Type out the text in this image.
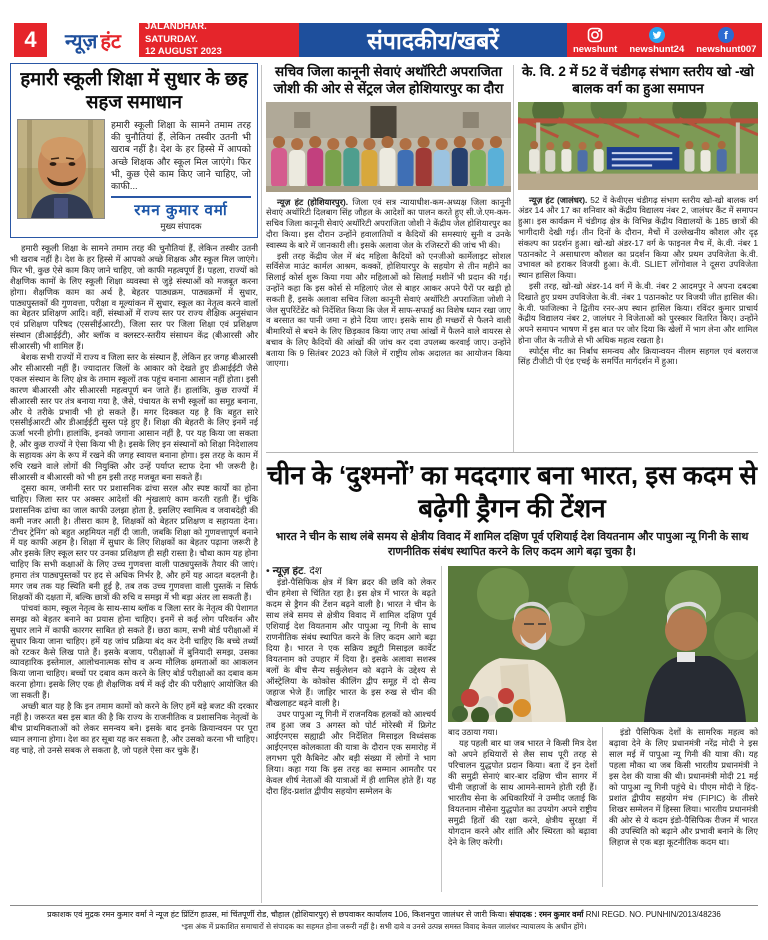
4	न्यूज़ हंट
JALANDHAR. SATURDAY.
12 AUGUST 2023	संपादकीय/खबरें	newshunt newshunt24
f
newshunt007
हमारी स्कूली शिक्षा में सुधार के छह सहज समाधान
हमारी स्कूली शिक्षा के सामने तमाम तरह की चुनौतियां हैं, लेकिन तस्वीर उतनी भी खराब नहीं है। देश के हर हिस्से में आपको अच्छे शिक्षक और स्कूल मिल जाएंगे। फिर भी, कुछ ऐसे काम किए जाने चाहिए, जो काफी...
रमन कुमार वर्मा
मुख्य संपादक

हमारी स्कूली शिक्षा के सामने तमाम तरह की चुनौतियां हैं, लेकिन तस्वीर उतनी भी खराब नहीं है। देश के हर हिस्से में आपको अच्छे शिक्षक और स्कूल मिल जाएंगे। फिर भी, कुछ ऐसे काम किए जाने चाहिए, जो काफी महत्वपूर्ण हैं। पहला, राज्यों को शैक्षणिक कामों के लिए स्कूली शिक्षा व्यवस्था से जुड़े संस्थाओं को मजबूत करना होगा। शैक्षणिक काम का अर्थ है, बेहतर पाठ्यक्रम, पाठ्यक्रमों में सुधार, पाठ्यपुस्तकों की गुणवत्ता, परीक्षा व मूल्यांकन में सुधार, स्कूल का नेतृत्व करने वालों का बेहतर प्रशिक्षण आदि। वहीं, संस्थाओं में राज्य स्तर पर राज्य शैक्षिक अनुसंधान एवं प्रशिक्षण परिषद (एससीईआरटी), जिला स्तर पर जिला शिक्षा एवं प्रशिक्षण संस्थान (डीआईईटी), और ब्लॉक व क्लस्टर-स्तरीय संसाधन केंद्र (बीआरसी और सीआरसी) भी शामिल हैं।

बेशक सभी राज्यों में राज्य व जिला स्तर के संस्थान हैं, लेकिन हर जगह बीआरसी और सीआरसी नहीं हैं। ज्यादातर जिलों के आकार को देखते हुए डीआईईटी जैसे एकल संस्थान के लिए क्षेत्र के तमाम स्कूलों तक पहुंच बनाना आसान नहीं होता। इसी कारण बीआरसी और सीआरसी महत्वपूर्ण बन जाते हैं। हालांकि, कुछ राज्यों में सीआरसी स्तर पर तंत्र बनाया गया है, जैसे, पंचायत के सभी स्कूलों का समूह बनाना, और ये तरीके प्रभावी भी हो सकते हैं। मगर दिक्कत यह है कि बहुत सारे एससीईआरटी और डीआईईटी सुस्त पड़े हुए हैं। शिक्षा की बेहतरी के लिए इनमें नई ऊर्जा भरनी होगी। हालांकि, इनको जगाना आसान नहीं है, पर यह किया जा सकता है, और कुछ राज्यों ने ऐसा किया भी है। इसके लिए इन संस्थानों को शिक्षा निदेशालय के सहायक अंग के रूप में रखने की जगह स्वायत्त बनाना होगा। इस तरह के काम में रुचि रखने वाले लोगों की नियुक्ति और उन्हें पर्याप्त स्टाफ देना भी जरूरी है। सीआरसी व बीआरसी को भी हम इसी तरह मजबूत बना सकते हैं।

दूसरा काम, जमीनी स्तर पर प्रशासनिक ढांचा सरल और स्पष्ट कार्यों का होना चाहिए। जिला स्तर पर अक्सर आदेशों की शृंखलाएं काम करती रहती हैं। चूंकि प्रशासनिक ढांचा का जाल काफी उलझा होता है, इसलिए स्वामित्व व जवाबदेही की कमी नजर आती है। तीसरा काम है, शिक्षकों को बेहतर प्रशिक्षण व सहायता देना। ‘टीचर ट्रेनिंग’ को बहुत अहमियत नहीं दी जाती, जबकि शिक्षा को गुणवत्तापूर्ण बनाने में यह काफी अहम है। शिक्षा में सुधार के लिए शिक्षकों का बेहतर पढ़ाना जरूरी है और इसके लिए स्कूल स्तर पर उनका प्रशिक्षण ही सही रास्ता है। चौथा काम यह होना चाहिए कि सभी कक्षाओं के लिए उच्च गुणवत्ता वाली पाठ्यपुस्तकें तैयार की जाएं। हमारा तंत्र पाठ्यपुस्तकों पर हद से अधिक निर्भर है, और हमें यह आदत बदलनी है। मगर जब तक यह स्थिति बनी हुई है, तब तक उच्च गुणवत्ता वाली पुस्तकें न सिर्फ शिक्षकों की दक्षता में, बल्कि छात्रों की रुचि व समझ में भी बड़ा अंतर ला सकती हैं।

पांचवां काम, स्कूल नेतृत्व के साथ-साथ ब्लॉक व जिला स्तर के नेतृत्व की पेशागत समझ को बेहतर बनाने का प्रयास होना चाहिए। इनमें से कई लोग परिवर्तन और सुधार लाने में काफी कारगर साबित हो सकते हैं। छठा काम, सभी बोर्ड परीक्षाओं में सुधार किया जाना चाहिए। हमें यह जांच प्रक्रिया बंद कर देनी चाहिए कि बच्चे तथ्यों को रटकर कैसे लिख पाते हैं। इसके बजाय, परीक्षाओं में बुनियादी समझ, उसका व्यावहारिक इस्तेमाल, आलोचनात्मक सोच व अन्य मौलिक क्षमताओं का आकलन किया जाना चाहिए। बच्चों पर दबाव कम करने के लिए बोर्ड परीक्षाओं का दबाव कम करना होगा। इसके लिए एक ही शैक्षणिक वर्ष में कई दौर की परीक्षाएं आयोजित की जा सकती हैं।

अच्छी बात यह है कि इन तमाम कामों को करने के लिए हमें बड़े बजट की दरकार नहीं है। जरूरत बस इस बात की है कि राज्य के राजनीतिक व प्रशासनिक नेतृत्वों के बीच प्राथमिकताओं को लेकर समन्वय बने। इसके बाद इनके क्रियान्वयन पर पूरा ध्यान लगाना होगा। देश का हर सूबा यह कर सकता है, और उसको करना भी चाहिए। वह चाहे, तो उनसे सबक ले सकता है, जो पहले ऐसा कर चुके हैं।

सचिव जिला कानूनी सेवाएं अथॉरिटी अपराजिता जोशी की ओर से सेंट्रल जेल होशियारपुर का दौरा

न्यूज़ हंट (होशियारपुर). जिला एवं सत्र न्यायाधीश-कम-अध्यक्ष जिला कानूनी सेवाएं अथॉरिटी दिलबाग सिंह जौहल के आदेशों का पालन करते हुए सी.जे.एम-कम-सचिव जिला कानूनी सेवाएं अथॉरिटी अपराजिता जोशी ने केंद्रीय जेल होशियारपुर का दौरा किया। इस दौरान उन्होंने हवालातियों व कैदियों की समस्याएं सुनी व उनके स्वास्थ्य के बारे में जानकारी ली। इसके अलावा जेल के रजिस्टरों की जांच भी की।

इसी तरह केंद्रीय जेल में बंद महिला कैदियों को एनजीओ कार्मेलाइट सोशल सर्विसेज माउंट कार्मल आश्रम, कक्कों, होशियारपुर के सहयोग से तीन महीने का सिलाई कोर्स शुरू किया गया और महिलाओं को सिलाई मशीनें भी प्रदान की गई। उन्होंने कहा कि इस कोर्स से महिलाएं जेल से बाहर आकर अपने पैरों पर खड़ी हो सकती हैं, इसके अलावा सचिव जिला कानूनी सेवाएं अथॉरिटी अपराजिता जोशी ने जेल सुपरिंटेंडेंट को निर्देशित किया कि जेल में साफ-सफाई का विशेष ध्यान रखा जाए व बरसात का पानी जमा न होने दिया जाए। इसके साथ ही मच्छरों से फैलने वाली बीमारियों से बचने के लिए छिड़काव किया जाए तथा आंखों में फैलने वाले वायरस से बचाव के लिए कैदियों की आंखों की जांच कर दवा उपलब्ध करवाई जाए। उन्होंने बताया कि 9 सितंबर 2023 को जिले में राष्ट्रीय लोक अदालत का आयोजन किया जाएगा।

के. वि. 2 में 52 वें चंडीगढ़ संभाग स्तरीय खो -खो बालक वर्ग का हुआ समापन

न्यूज़ हंट (जालंधर). 52 वें केवीएस चंडीगढ़ संभाग स्तरीय खो-खो बालक वर्ग अंडर 14 और 17 का शनिवार को केंद्रीय विद्यालय नंबर 2, जालंधर कैंट में समापन हुआ। इस कार्यक्रम में चंडीगढ़ क्षेत्र के विभिन्न केंद्रीय विद्यालयों के 185 छात्रों की भागीदारी देखी गई। तीन दिनों के दौरान, मैचों में उल्लेखनीय कौशल और दृढ़ संकल्प का प्रदर्शन हुआ। खो-खो अंडर-17 वर्ग के फाइनल मैच में, के.वी. नंबर 1 पठानकोट ने असाधारण कौशल का प्रदर्शन किया और प्रथम उपविजेता के.वी. उभावल को हराकर विजयी हुआ। के.वी. SLIET लोंगोवाल ने दूसरा उपविजेता स्थान हासिल किया।

इसी तरह, खो-खो अंडर-14 वर्ग में के.वी. नंबर 2 आदमपुर ने अपना दबदबा दिखाते हुए प्रथम उपविजेता के.वी. नंबर 1 पठानकोट पर विजयी जीत हासिल की। के.वी. फाजिल्का ने द्वितीय रनर-अप स्थान हासिल किया। रविंदर कुमार प्राचार्य केंद्रीय विद्यालय नंबर 2, जालंधर ने विजेताओं को पुरस्कार वितरित किए। उन्होंने अपने समापन भाषण में इस बात पर जोर दिया कि खेलों में भाग लेना और शामिल होना जीत के नतीजे से भी अधिक महत्व रखता है।

स्पोर्ट्स मीट का निर्बाध समन्वय और क्रियान्वयन नीलम सहगल एवं बलराज सिंह टीजीटी पी एंड एचई के समर्पित मार्गदर्शन में हुआ।

चीन के ‘दुश्मनों’ का मददगार बना भारत, इस कदम से बढ़ेगी ड्रैगन की टेंशन
भारत ने चीन के साथ लंबे समय से क्षेत्रीय विवाद में शामिल दक्षिण पूर्व एशियाई देश वियतनाम और पापुआ न्यू गिनी के साथ राणनीतिक संबंध स्थापित करने के लिए कदम आगे बढ़ा चुका है।

• न्यूज़ हंट. देश

इंडो-पैसिफिक क्षेत्र में बिग ब्रदर की छवि को लेकर चीन हमेशा से चिंतित रहा है। इस क्षेत्र में भारत के बढ़ते कदम से ड्रैगन की टेंशन बढ़ने वाली है। भारत ने चीन के साथ लंबे समय से क्षेत्रीय विवाद में शामिल दक्षिण पूर्व एशियाई देश वियतनाम और पापुआ न्यू गिनी के साथ राणनीतिक संबंध स्थापित करने के लिए कदम आगे बढ़ा दिया है। भारत ने एक सक्रिय ड्यूटी मिसाइल कार्वेट वियतनाम को उपहार में दिया है। इसके अलावा सशस्त्र बलों के बीच सैन्य सर्कुलेशन को बढ़ाने के उद्देश्य से ऑस्ट्रेलिया के कोकोस कीलिंग द्वीप समूह में दो सैन्य जहाज भेजे हैं। जाहिर भारत के इस रुख से चीन की बौखलाहट बढ़ने वाली है।

उधर पापुआ न्यू गिनी में राजनयिक हलकों को आश्चर्य तब हुआ जब 3 अगस्त को पोर्ट मोरेस्बी में फ्रिगेट आईएनएस सह्याद्री और निर्देशित मिसाइल विध्वंसक आईएनएस कोलकाता की यात्रा के दौरान एक समारोह में लगभग पूरी कैबिनेट और बड़ी संख्या में लोगों ने भाग लिया। कहा गया कि इस तरह का सम्मान आमतौर पर केवल शीर्ष नेताओं की यात्राओं में ही शामिल होते हैं। यह दौरा हिंद-प्रशांत द्वीपीय सहयोग सम्मेलन के

बाद उठाया गया।

यह पहली बार था जब भारत ने किसी मित्र देश को अपने हथियारों से लैस साथ पूरी तरह से परिचालन युद्धपोत प्रदान किया। बता दें इन देशों की समुद्री सेनाएं बार-बार दक्षिण चीन सागर में चीनी जहाजों के साथ आमने-सामने होती रही हैं। भारतीय सेना के अधिकारियों ने उम्मीद जताई कि वियतनाम नौसेना युद्धपोत का उपयोग अपने राष्ट्रीय समुद्री हितों की रक्षा करने, क्षेत्रीय सुरक्षा में योगदान करने और शांति और स्थिरता को बढ़ावा देने के लिए करेगी।

इंडो पैसिफिक देशों के सामरिक महत्व को बढ़ावा देने के लिए प्रधानमंत्री नरेंद्र मोदी ने इस साल मई में पापुआ न्यू गिनी की यात्रा की। यह पहला मौका था जब किसी भारतीय प्रधानमंत्री ने इस देश की यात्रा की थी। प्रधानमंत्री मोदी 21 मई को पापुआ न्यू गिनी पहुंचे थे। पीएम मोदी ने हिंद-प्रशांत द्वीपीय सहयोग मंच (FIPIC) के तीसरे शिखर सम्मेलन में हिस्सा लिया। भारतीय प्रधानमंत्री की ओर से ये कदम इंडो-पैसिफिक रीजन में भारत की उपस्थिति को बढ़ाने और प्रभावी बनाने के लिए लिहाज से एक बड़ा कूटनीतिक कदम था।

प्रकाशक एवं मुद्रक रमन कुमार वर्मा ने न्यूज हंट प्रिंटिंग हाउस, मां चिंतपूर्णी रोड, चौहाल (होशियारपुर) से छपवाकर कार्यालय 106, किशनपुरा जालंधर से जारी किया। संपादक : रमन कुमार वर्मा RNI REGD. NO. PUNHIN/2013/48236
*इस अंक में प्रकाशित समाचारों से संपादक का सहमत होना जरूरी नहीं है। सभी दावे व उनसे उत्पन्न समस्त विवाद केवल जालंधर न्यायालय के अधीन होंगे।
